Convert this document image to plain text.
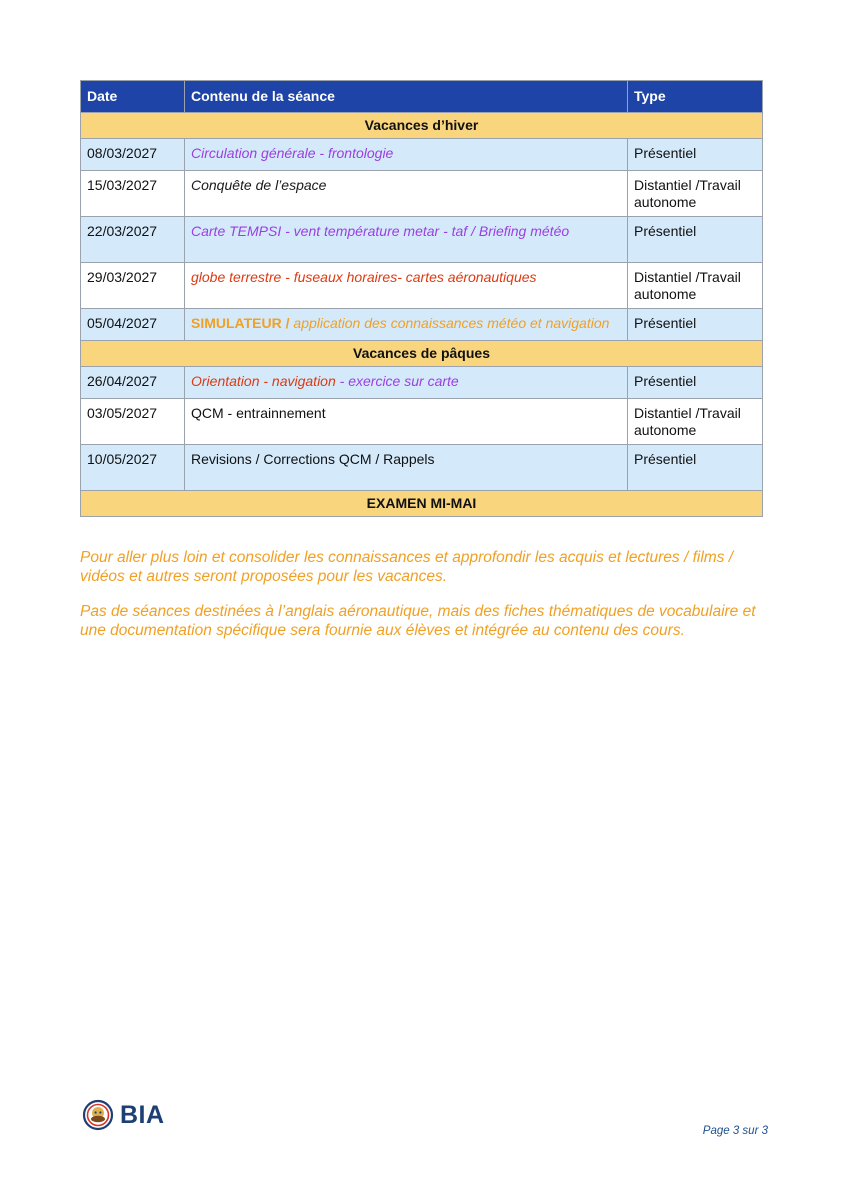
Date	Contenu de la séance	Type
Vacances d’hiver		
08/03/2027	Circulation générale - frontologie	Présentiel
15/03/2027	Conquête de l’espace	Distantiel /Travail autonome
22/03/2027	Carte TEMPSI - vent température metar - taf / Briefing météo	Présentiel
29/03/2027	globe terrestre - fuseaux horaires- cartes aéronautiques	Distantiel /Travail autonome
05/04/2027	SIMULATEUR / application des connaissances météo et navigation	Présentiel
Vacances de pâques		
26/04/2027	Orientation - navigation - exercice sur carte	Présentiel
03/05/2027	QCM - entrainnement	Distantiel /Travail autonome
10/05/2027	Revisions / Corrections QCM / Rappels	Présentiel
EXAMEN MI-MAI		

Pour aller plus loin et consolider les connaissances et approfondir les acquis et lectures / films / vidéos et autres seront proposées pour les vacances.

Pas de séances destinées à l’anglais aéronautique, mais des fiches thématiques de vocabulaire et une documentation spécifique sera fournie aux élèves et intégrée au contenu des cours.

BIA
Page 3 sur 3
